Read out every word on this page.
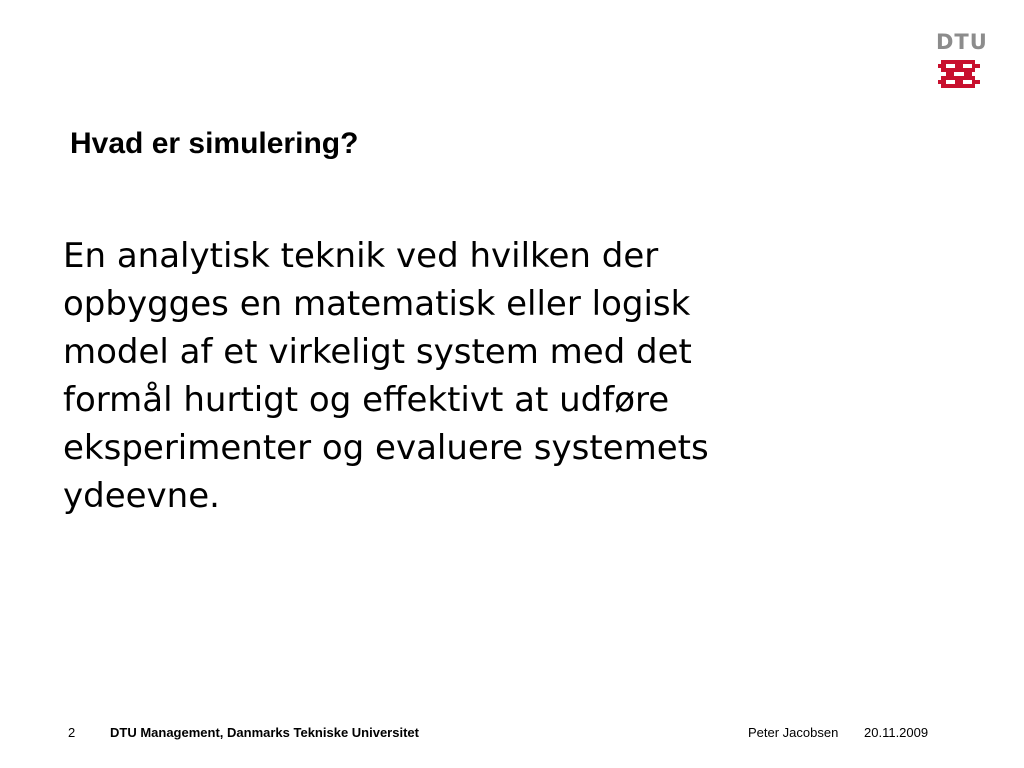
DTU
Hvad er simulering?

En analytisk teknik ved hvilken der
opbygges en matematisk eller logisk
model af et virkeligt system med det
formål hurtigt og effektivt at udføre
eksperimenter og evaluere systemets
ydeevne.

2	DTU Management, Danmarks Tekniske Universitet	Peter Jacobsen 20.11.2009
